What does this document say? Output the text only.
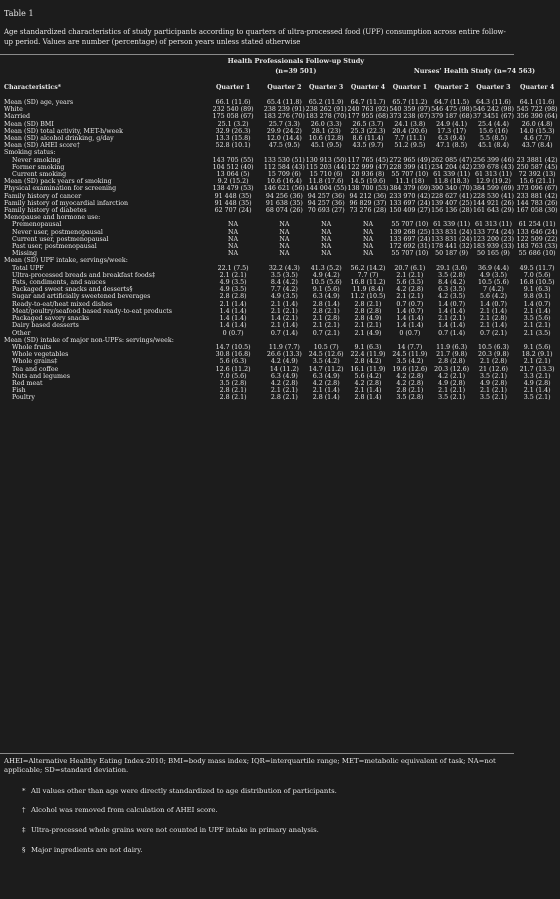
Table 1
Age standardized characteristics of study participants according to quarters of ultra-processed food (UPF) consumption across entire follow-up period. Values are number (percentage) of person years unless stated otherwise
	Health Professionals Follow-up Study							
	(n=39 501)				Nurses’ Health Study (n=74 563)			
Characteristics*	Quarter 1	Quarter 2	Quarter 3	Quarter 4	Quarter 1	Quarter 2	Quarter 3	Quarter 4
Mean (SD) age, years	66.1 (11.6)	65.4 (11.8)	65.2 (11.9)	64.7 (11.7)	65.7 (11.2)	64.7 (11.5)	64.3 (11.6)	64.1 (11.6)
White	232 540 (89)	238 239 (91)	238 262 (91)	240 763 (92)	540 359 (97)	546 475 (98)	546 242 (98)	545 722 (98)
Married	175 058 (67)	183 276 (70)	183 278 (70)	177 955 (68)	373 238 (67)	379 187 (68)	37 3451 (67)	356 390 (64)
Mean (SD) BMI	25.1 (3.2)	25.7 (3.3)	26.0 (3.3)	26.5 (3.7)	24.1 (3.8)	24.9 (4.1)	25.4 (4.4)	26.0 (4.8)
Mean (SD) total activity, MET-h/week	32.9 (26.3)	29.9 (24.2)	28.1 (23)	25.3 (22.3)	20.4 (20.6)	17.3 (17)	15.6 (16)	14.0 (15.3)
Mean (SD) alcohol drinking, g/day	13.3 (15.8)	12.0 (14.4)	10.6 (12.8)	8.6 (11.4)	7.7 (11.1)	6.3 (9.4)	5.5 (8.5)	4.6 (7.7)
Mean (SD) AHEI score†	52.8 (10.1)	47.5 (9.5)	45.1 (9.5)	43.5 (9.7)	51.2 (9.5)	47.1 (8.5)	45.1 (8.4)	43.7 (8.4)
Smoking status:								
Never smoking	143 705 (55)	133 530 (51)	130 913 (50)	117 765 (45)	272 965 (49)	262 085 (47)	256 399 (46)	23 3881 (42)
Former smoking	104 512 (40)	112 584 (43)	115 203 (44)	122 999 (47)	228 399 (41)	234 204 (42)	239 678 (43)	250 587 (45)
Current smoking	13 064 (5)	15 709 (6)	15 710 (6)	20 936 (8)	55 707 (10)	61 339 (11)	61 313 (11)	72 392 (13)
Mean (SD) pack years of smoking	9.2 (15.2)	10.6 (16.4)	11.8 (17.6)	14.5 (19.6)	11.1 (18)	11.8 (18.3)	12.9 (19.2)	15.6 (21.1)
Physical examination for screening	138 479 (53)	146 621 (56)	144 004 (55)	138 700 (53)	384 379 (69)	390 340 (70)	384 599 (69)	373 096 (67)
Family history of cancer	91 448 (35)	94 256 (36)	94 257 (36)	94 212 (36)	233 970 (42)	228 627 (41)	228 530 (41)	233 881 (42)
Family history of myocardial infarction	91 448 (35)	91 638 (35)	94 257 (36)	96 829 (37)	133 697 (24)	139 407 (25)	144 921 (26)	144 783 (26)
Family history of diabetes	62 707 (24)	68 074 (26)	70 693 (27)	73 276 (28)	150 409 (27)	156 136 (28)	161 643 (29)	167 058 (30)
Menopause and hormone use:								
Premenopausal	NA	NA	NA	NA	55 707 (10)	61 339 (11)	61 313 (11)	61 254 (11)
Never user, postmenopausal	NA	NA	NA	NA	139 268 (25)	133 831 (24)	133 774 (24)	133 646 (24)
Current user, postmenopausal	NA	NA	NA	NA	133 697 (24)	133 831 (24)	123 200 (23)	122 509 (22)
Past user, postmenopausal	NA	NA	NA	NA	172 692 (31)	178 441 (32)	183 939 (33)	183 763 (33)
Missing	NA	NA	NA	NA	55 707 (10)	50 187 (9)	50 165 (9)	55 686 (10)
Mean (SD) UPF intake, servings/week:								
Total UPF	22.1 (7.5)	32.2 (4.3)	41.3 (5.2)	56.2 (14.2)	20.7 (6.1)	29.1 (3.6)	36.9 (4.4)	49.5 (11.7)
Ultra-processed breads and breakfast foods‡	2.1 (2.1)	3.5 (3.5)	4.9 (4.2)	7.7 (7)	2.1 (2.1)	3.5 (2.8)	4.9 (3.5)	7.0 (5.6)
Fats, condiments, and sauces	4.9 (3.5)	8.4 (4.2)	10.5 (5.6)	16.8 (11.2)	5.6 (3.5)	8.4 (4.2)	10.5 (5.6)	16.8 (10.5)
Packaged sweet snacks and desserts§	4.9 (3.5)	7.7 (4.2)	9.1 (5.6)	11.9 (8.4)	4.2 (2.8)	6.3 (3.5)	7 (4.2)	9.1 (6.3)
Sugar and artificially sweetened beverages	2.8 (2.8)	4.9 (3.5)	6.3 (4.9)	11.2 (10.5)	2.1 (2.1)	4.2 (3.5)	5.6 (4.2)	9.8 (9.1)
Ready-to-eat/heat mixed dishes	2.1 (1.4)	2.1 (1.4)	2.8 (1.4)	2.8 (2.1)	0.7 (0.7)	1.4 (0.7)	1.4 (0.7)	1.4 (0.7)
Meat/poultry/seafood based ready-to-eat products	1.4 (1.4)	2.1 (2.1)	2.8 (2.1)	2.8 (2.8)	1.4 (0.7)	1.4 (1.4)	2.1 (1.4)	2.1 (1.4)
Packaged savory snacks	1.4 (1.4)	1.4 (2.1)	2.1 (2.8)	2.8 (4.9)	1.4 (1.4)	2.1 (2.1)	2.1 (2.8)	3.5 (5.6)
Dairy based desserts	1.4 (1.4)	2.1 (1.4)	2.1 (2.1)	2.1 (2.1)	1.4 (1.4)	1.4 (1.4)	2.1 (1.4)	2.1 (2.1)
Other	0 (0.7)	0.7 (1.4)	0.7 (2.1)	2.1 (4.9)	0 (0.7)	0.7 (1.4)	0.7 (2.1)	2.1 (3.5)
Mean (SD) intake of major non-UPFs: servings/week:								
Whole fruits	14.7 (10.5)	11.9 (7.7)	10.5 (7)	9.1 (6.3)	14 (7.7)	11.9 (6.3)	10.5 (6.3)	9.1 (5.6)
Whole vegetables	30.8 (16.8)	26.6 (13.3)	24.5 (12.6)	22.4 (11.9)	24.5 (11.9)	21.7 (9.8)	20.3 (9.8)	18.2 (9.1)
Whole grains‡	5.6 (6.3)	4.2 (4.9)	3.5 (4.2)	2.8 (4.2)	3.5 (4.2)	2.8 (2.8)	2.1 (2.8)	2.1 (2.1)
Tea and coffee	12.6 (11.2)	14 (11.2)	14.7 (11.2)	16.1 (11.9)	19.6 (12.6)	20.3 (12.6)	21 (12.6)	21.7 (13.3)
Nuts and legumes	7.0 (5.6)	6.3 (4.9)	6.3 (4.9)	5.6 (4.2)	4.2 (2.8)	4.2 (2.1)	3.5 (2.1)	3.3 (2.1)
Red meat	3.5 (2.8)	4.2 (2.8)	4.2 (2.8)	4.2 (2.8)	4.2 (2.8)	4.9 (2.8)	4.9 (2.8)	4.9 (2.8)
Fish	2.8 (2.1)	2.1 (2.1)	2.1 (1.4)	2.1 (1.4)	2.8 (2.1)	2.1 (2.1)	2.1 (2.1)	2.1 (1.4)
Poultry	2.8 (2.1)	2.8 (2.1)	2.8 (1.4)	2.8 (1.4)	3.5 (2.8)	3.5 (2.1)	3.5 (2.1)	3.5 (2.1)
AHEI=Alternative Healthy Eating Index-2010; BMI=body mass index; IQR=interquartile range; MET=metabolic equivalent of task; NA=not applicable; SD=standard deviation.
* All values other than age were directly standardized to age distribution of participants.
† Alcohol was removed from calculation of AHEI score.
‡ Ultra-processed whole grains were not counted in UPF intake in primary analysis.
§ Major ingredients are not dairy.
